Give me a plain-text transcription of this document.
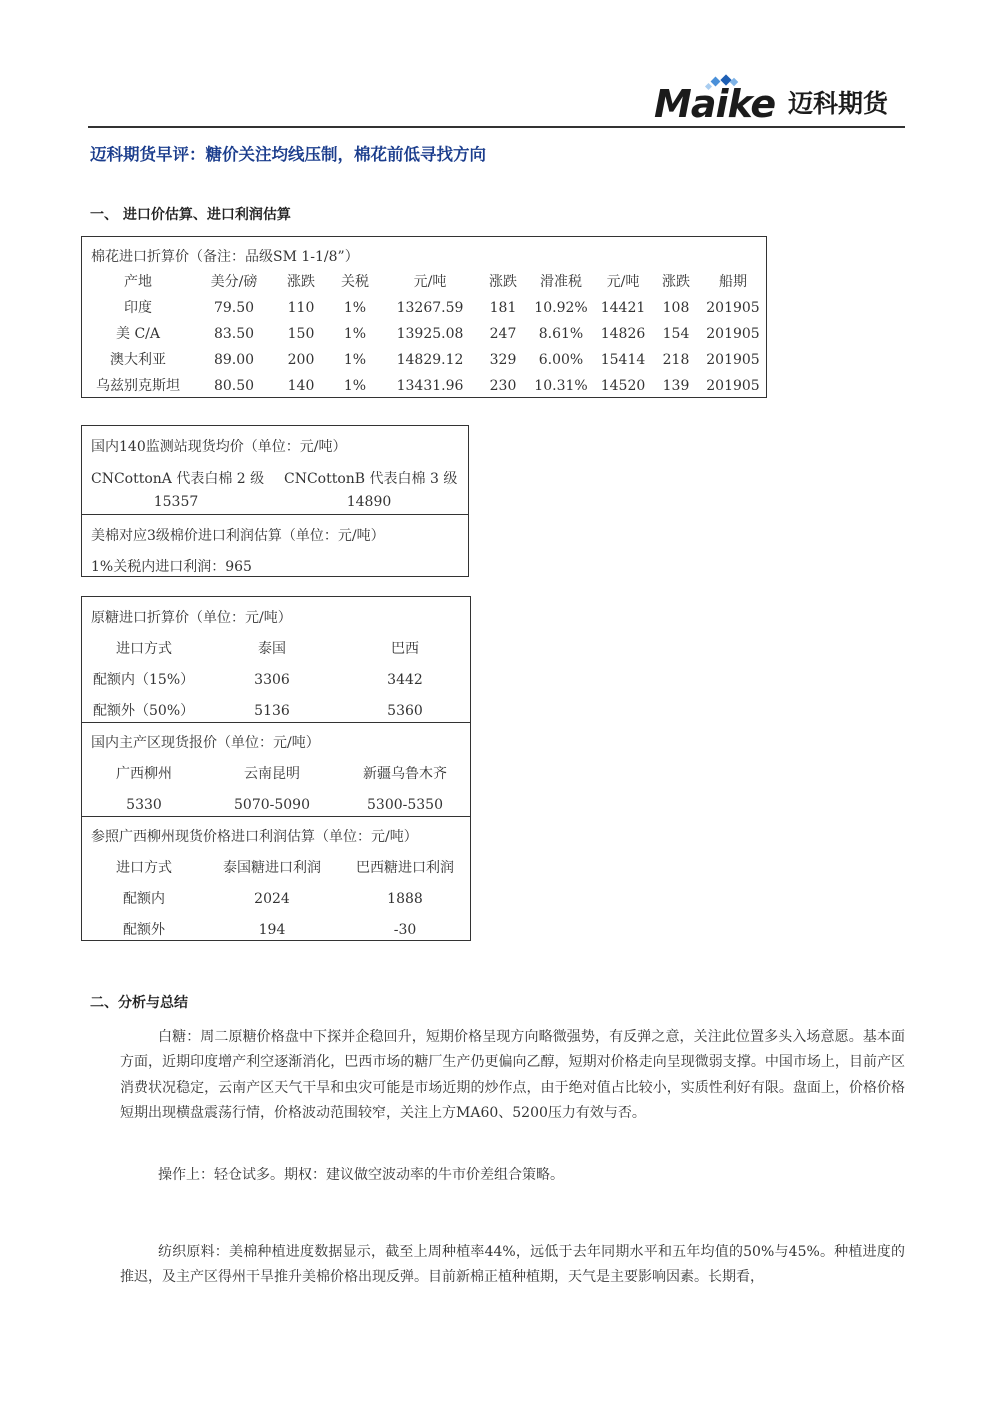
Maike 迈科期货
迈科期货早评：糖价关注均线压制，棉花前低寻找方向
一、 进口价估算、进口利润估算
棉花进口折算价（备注：品级SM 1-1/8”）
产地	美分/磅 涨跌 关税	元/吨	涨跌 滑准税 元/吨 涨跌 船期
印度	79.50 110 1% 13267.59 181 10.92% 14421 108 201905
美 C/A	83.50 150 1% 13925.08 247 8.61% 14826 154 201905
澳大利亚	89.00 200 1% 14829.12 329 6.00% 15414 218 201905
乌兹别克斯坦 80.50 140 1% 13431.96 230 10.31% 14520 139 201905
国内140监测站现货均价（单位：元/吨）
CNCottonA 代表白棉 2 级
15357
CNCottonB 代表白棉 3 级
14890
美棉对应3级棉价进口利润估算（单位：元/吨）
1%关税内进口利润：965
原糖进口折算价（单位：元/吨）
进口方式	泰国	巴西
配额内（15%）	3306	3442
配额外（50%）	5136	5360
国内主产区现货报价（单位：元/吨）
广西柳州	云南昆明	新疆乌鲁木齐
5330	5070-5090	5300-5350
参照广西柳州现货价格进口利润估算（单位：元/吨）
进口方式	泰国糖进口利润	巴西糖进口利润
配额内	2024	1888
配额外	194	-30
二、分析与总结
白糖：周二原糖价格盘中下探并企稳回升，短期价格呈现方向略微强势，有反弹之意，关注此位置多头入场意愿。基本面方面，近期印度增产利空逐渐消化，巴西市场的糖厂生产仍更偏向乙醇，短期对价格走向呈现微弱支撑。中国市场上，目前产区消费状况稳定，云南产区天气干旱和虫灾可能是市场近期的炒作点，由于绝对值占比较小，实质性利好有限。盘面上，价格价格短期出现横盘震荡行情，价格波动范围较窄，关注上方MA60、5200压力有效与否。
操作上：轻仓试多。期权：建议做空波动率的牛市价差组合策略。
纺织原料：美棉种植进度数据显示，截至上周种植率44%，远低于去年同期水平和五年均值的50%与45%。种植进度的推迟，及主产区得州干旱推升美棉价格出现反弹。目前新棉正植种植期，天气是主要影响因素。长期看，
